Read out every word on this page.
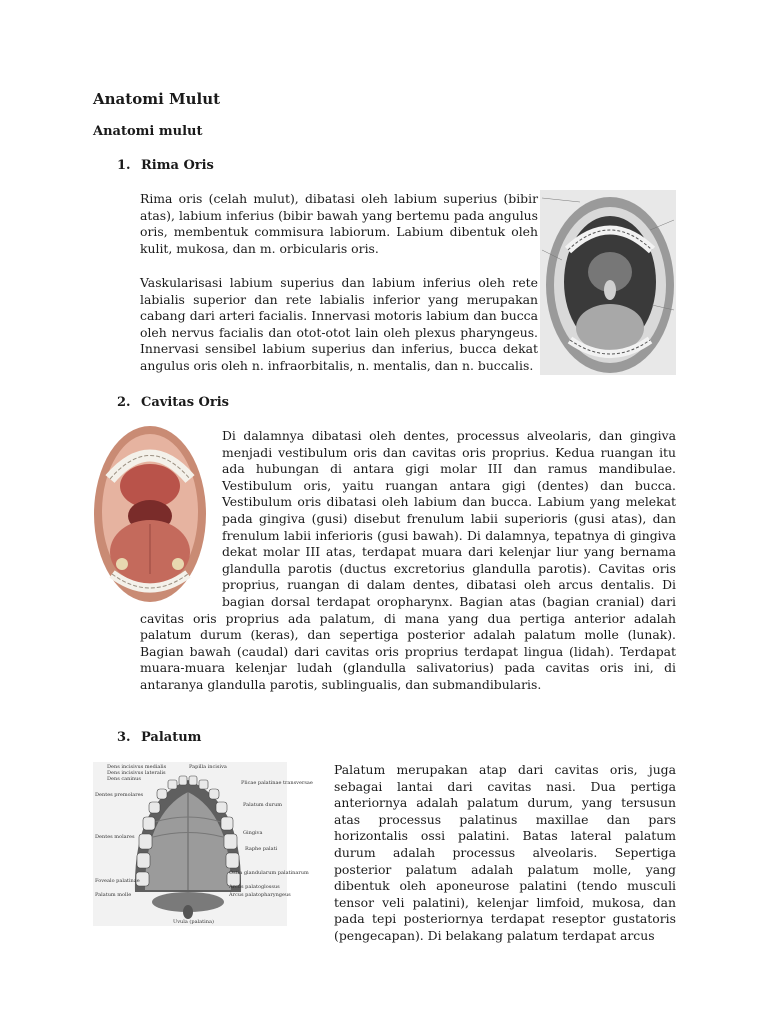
Anatomi Mulut
Anatomi mulut
1. Rima Oris

Rima oris (celah mulut), dibatasi oleh labium superius (bibir atas), labium inferius (bibir bawah yang bertemu pada angulus oris, membentuk commisura labiorum. Labium dibentuk oleh kulit, mukosa, dan m. orbicularis oris.

Vaskularisasi labium superius dan labium inferius oleh rete labialis superior dan rete labialis inferior yang merupakan cabang dari arteri facialis. Innervasi motoris labium dan bucca oleh nervus facialis dan otot-otot lain oleh plexus pharyngeus. Innervasi sensibel labium superius dan inferius, bucca dekat angulus oris oleh n. infraorbitalis, n. mentalis, dan n. buccalis.

2. Cavitas Oris
Di dalamnya dibatasi oleh dentes, processus alveolaris, dan gingiva menjadi vestibulum oris dan cavitas oris proprius. Kedua ruangan itu ada hubungan di antara gigi molar III dan ramus mandibulae. Vestibulum oris, yaitu ruangan antara gigi (dentes) dan bucca. Vestibulum oris dibatasi oleh labium dan bucca. Labium yang melekat pada gingiva (gusi) disebut frenulum labii superioris (gusi atas), dan frenulum labii inferioris (gusi bawah). Di dalamnya, tepatnya di gingiva dekat molar III atas, terdapat muara dari kelenjar liur yang bernama glandulla parotis (ductus excretorius glandulla parotis). Cavitas oris proprius, ruangan di dalam dentes, dibatasi oleh arcus dentalis. Di bagian dorsal terdapat oropharynx. Bagian atas (bagian cranial) dari cavitas oris proprius ada palatum, di mana yang dua pertiga anterior adalah palatum durum (keras), dan sepertiga posterior adalah palatum molle (lunak). Bagian bawah (caudal) dari cavitas oris proprius terdapat lingua (lidah). Terdapat muara-muara kelenjar ludah (glandulla salivatorius) pada cavitas oris ini, di antaranya glandulla parotis, sublingualis, dan submandibularis.
3. Palatum
Dens incisivus medialis
Dens incisivus lateralis
Dens caninus
Dentes premolares
Dentes molares
Fovealo palatinae
Palatum molle
Papilla incisiva
Plicae palatinae transversae
Palatum durum
Gingiva
Raphe palati
Ostia glandularum palatinarum
Arcus palatoglossus
Arcus palatopharyngeus
Uvula (palatina)

Palatum merupakan atap dari cavitas oris, juga sebagai lantai dari cavitas nasi. Dua pertiga anteriornya adalah palatum durum, yang tersusun atas processus palatinus maxillae dan pars horizontalis ossi palatini. Batas lateral palatum durum adalah processus alveolaris. Sepertiga posterior palatum adalah palatum molle, yang dibentuk oleh aponeurose palatini (tendo musculi tensor veli palatini), kelenjar limfoid, mukosa, dan pada tepi posteriornya terdapat reseptor gustatoris (pengecapan). Di belakang palatum terdapat arcus
